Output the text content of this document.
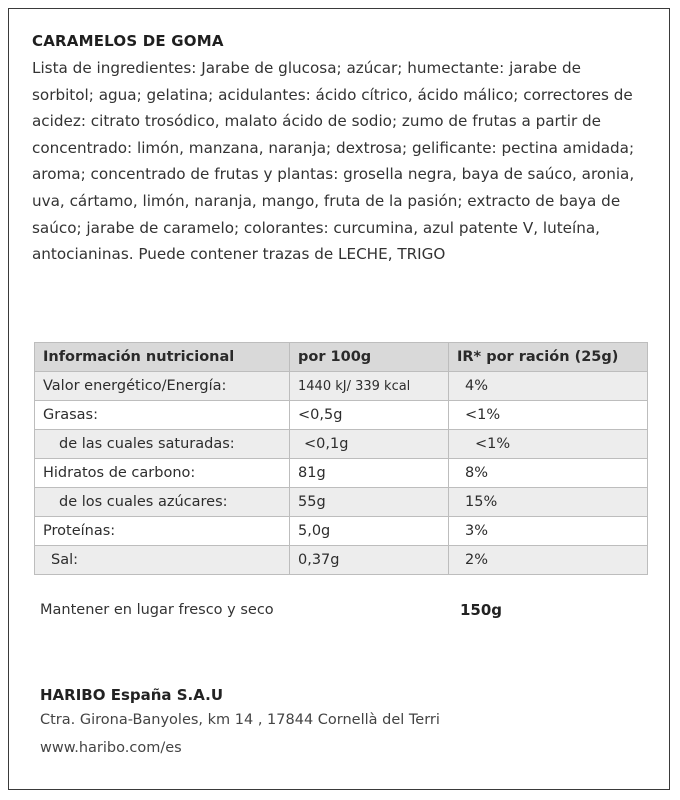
CARAMELOS DE GOMA
Lista de ingredientes: Jarabe de glucosa; azúcar; humectante: jarabe de sorbitol; agua; gelatina; acidulantes: ácido cítrico, ácido málico; correctores de acidez: citrato trosódico, malato ácido de sodio; zumo de frutas a partir de concentrado: limón, manzana, naranja; dextrosa; gelificante: pectina amidada; aroma; concentrado de frutas y plantas: grosella negra, baya de saúco, aronia, uva, cártamo, limón, naranja, mango, fruta de la pasión; extracto de baya de saúco; jarabe de caramelo; colorantes: curcumina, azul patente V, luteína, antocianinas. Puede contener trazas de LECHE, TRIGO
Información nutricional	por 100g	IR* por ración (25g)
Valor energético/Energía:	1440 kJ/ 339 kcal	4%
Grasas:	<0,5g	<1%
de las cuales saturadas:	<0,1g	<1%
Hidratos de carbono:	81g	8%
de los cuales azúcares:	55g	15%
Proteínas:	5,0g	3%
Sal:	0,37g	2%
Mantener en lugar fresco y seco	150g
HARIBO España S.A.U
Ctra. Girona-Banyoles, km 14 , 17844 Cornellà del Terri
www.haribo.com/es
